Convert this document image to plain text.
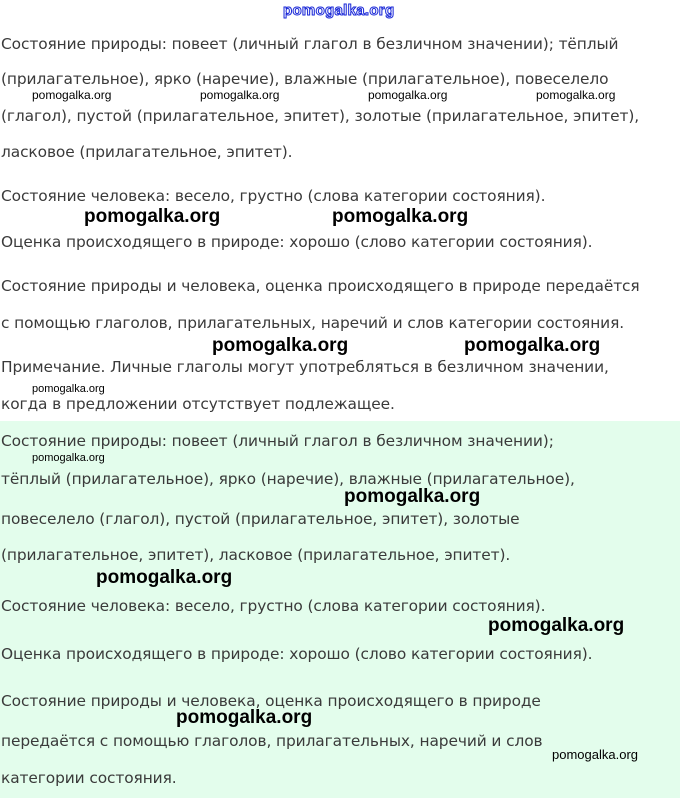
pomogalka.org

Состояние природы: повеет (личный глагол в безличном значении); тёплый

(прилагательное), ярко (наречие), влажные (прилагательное), повеселело

(глагол), пустой (прилагательное, эпитет), золотые (прилагательное, эпитет),

ласковое (прилагательное, эпитет).

Состояние человека: весело, грустно (слова категории состояния).

Оценка происходящего в природе: хорошо (слово категории состояния).

Состояние природы и человека, оценка происходящего в природе передаётся

с помощью глаголов, прилагательных, наречий и слов категории состояния.

Примечание. Личные глаголы могут употребляться в безличном значении,

когда в предложении отсутствует подлежащее.

Состояние природы: повеет (личный глагол в безличном значении);

тёплый (прилагательное), ярко (наречие), влажные (прилагательное),

повеселело (глагол), пустой (прилагательное, эпитет), золотые

(прилагательное, эпитет), ласковое (прилагательное, эпитет).

Состояние человека: весело, грустно (слова категории состояния).

Оценка происходящего в природе: хорошо (слово категории состояния).

Состояние природы и человека, оценка происходящего в природе

передаётся с помощью глаголов, прилагательных, наречий и слов

категории состояния.

pomogalka.org	pomogalka.org	pomogalka.org	pomogalka.org
pomogalka.org	pomogalka.org
pomogalka.org	pomogalka.org
pomogalka.org
pomogalka.org
pomogalka.org
pomogalka.org
pomogalka.org
pomogalka.org
pomogalka.org
